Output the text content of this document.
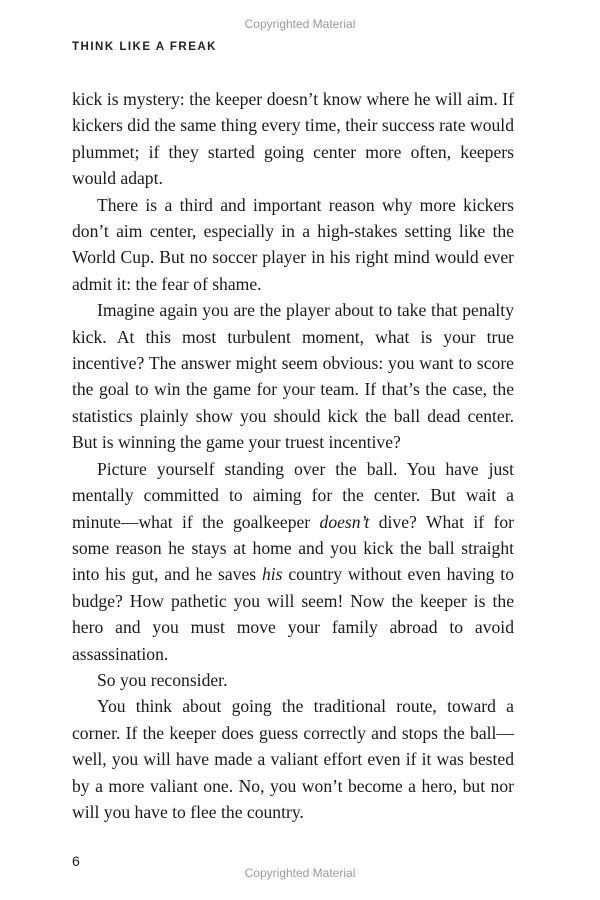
Copyrighted Material
THINK LIKE A FREAK

kick is mystery: the keeper doesn’t know where he will aim. If kickers did the same thing every time, their success rate would plummet; if they started going center more often, keepers would adapt.

There is a third and important reason why more kickers don’t aim center, especially in a high-stakes setting like the World Cup. But no soccer player in his right mind would ever admit it: the fear of shame.

Imagine again you are the player about to take that penalty kick. At this most turbulent moment, what is your true incentive? The answer might seem obvious: you want to score the goal to win the game for your team. If that’s the case, the statistics plainly show you should kick the ball dead center. But is winning the game your truest incentive?

Picture yourself standing over the ball. You have just mentally committed to aiming for the center. But wait a minute—what if the goalkeeper doesn’t dive? What if for some reason he stays at home and you kick the ball straight into his gut, and he saves his country without even having to budge? How pathetic you will seem! Now the keeper is the hero and you must move your family abroad to avoid assassination.

So you reconsider.

You think about going the traditional route, toward a corner. If the keeper does guess correctly and stops the ball—well, you will have made a valiant effort even if it was bested by a more valiant one. No, you won’t become a hero, but nor will you have to flee the country.

6
Copyrighted Material
